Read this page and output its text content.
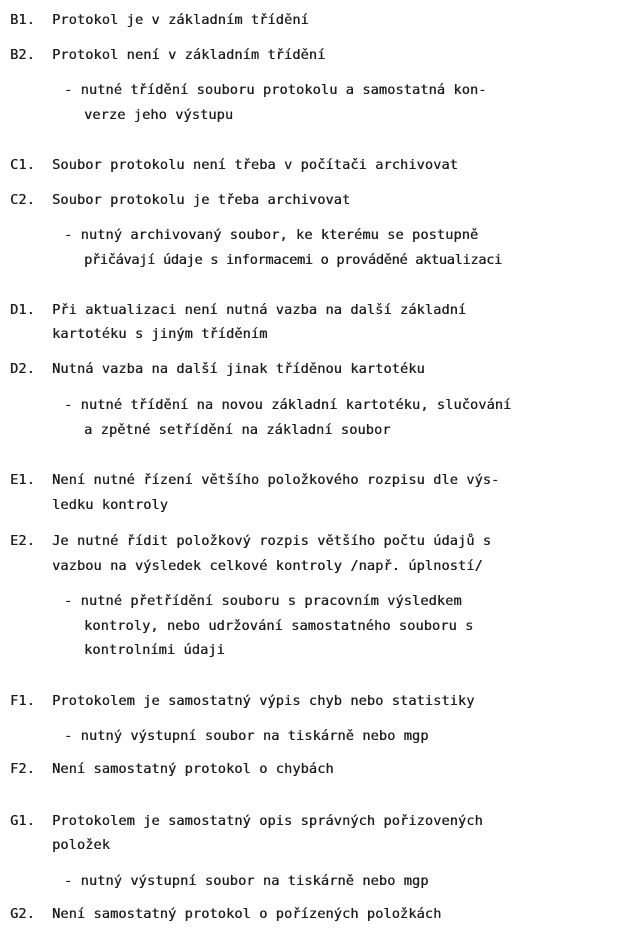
B1. Protokol je v základním třídění
B2. Protokol není v základním třídění
- nutné třídění souboru protokolu a samostatná kon-
verze jeho výstupu
C1. Soubor protokolu není třeba v počítači archivovat
C2. Soubor protokolu je třeba archivovat
- nutný archivovaný soubor, ke kterému se postupně
přičávají údaje s informacemi o prováděné aktualizaci
D1. Při aktualizaci není nutná vazba na další základní
kartotéku s jiným tříděním
D2. Nutná vazba na další jinak tříděnou kartotéku
- nutné třídění na novou základní kartotéku, slučování
a zpětné setřídění na základní soubor
E1. Není nutné řízení většího položkového rozpisu dle výs-
ledku kontroly
E2. Je nutné řídit položkový rozpis většího počtu údajů s
vazbou na výsledek celkové kontroly /např. úplností/
- nutné přetřídění souboru s pracovním výsledkem
kontroly, nebo udržování samostatného souboru s
kontrolními údaji
F1. Protokolem je samostatný výpis chyb nebo statistiky
- nutný výstupní soubor na tiskárně nebo mgp
F2. Není samostatný protokol o chybách
G1. Protokolem je samostatný opis správných pořizovených
položek
- nutný výstupní soubor na tiskárně nebo mgp
G2. Není samostatný protokol o pořízených položkách
